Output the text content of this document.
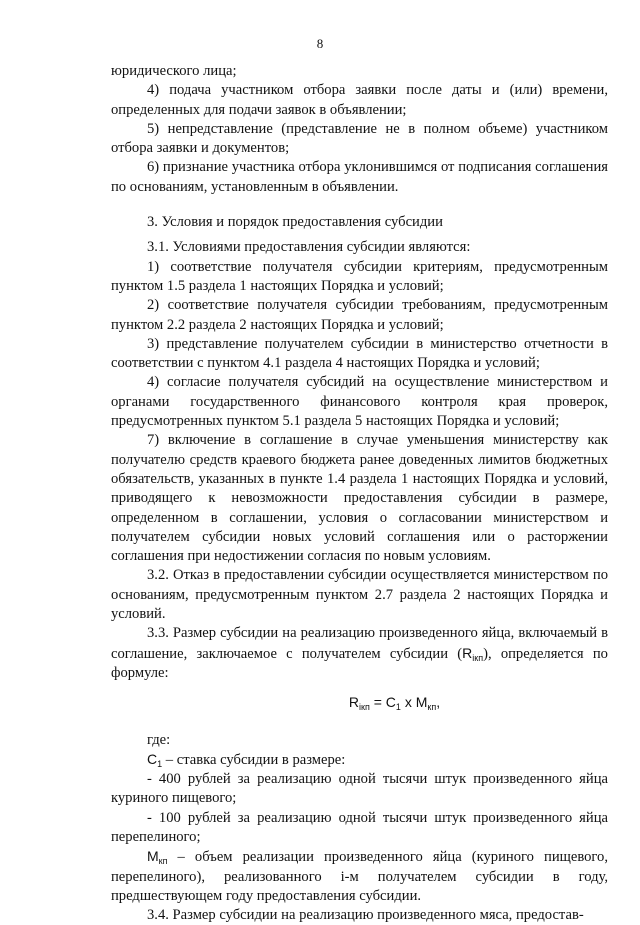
8

юридического лица;

4) подача участником отбора заявки после даты и (или) времени, определенных для подачи заявок в объявлении;

5) непредставление (представление не в полном объеме) участником отбора заявки и документов;

6) признание участника отбора уклонившимся от подписания соглашения по основаниям, установленным в объявлении.

3. Условия и порядок предоставления субсидии

3.1. Условиями предоставления субсидии являются:

1) соответствие получателя субсидии критериям, предусмотренным пунктом 1.5 раздела 1 настоящих Порядка и условий;

2) соответствие получателя субсидии требованиям, предусмотренным пунктом 2.2 раздела 2 настоящих Порядка и условий;

3) представление получателем субсидии в министерство отчетности в соответствии с пунктом 4.1 раздела 4 настоящих Порядка и условий;

4) согласие получателя субсидий на осуществление министерством и органами государственного финансового контроля края проверок, предусмотренных пунктом 5.1 раздела 5 настоящих Порядка и условий;

7) включение в соглашение в случае уменьшения министерству как получателю средств краевого бюджета ранее доведенных лимитов бюджетных обязательств, указанных в пункте 1.4 раздела 1 настоящих Порядка и условий, приводящего к невозможности предоставления субсидии в размере, определенном в соглашении, условия о согласовании министерством и получателем субсидии новых условий соглашения или о расторжении соглашения при недостижении согласия по новым условиям.

3.2. Отказ в предоставлении субсидии осуществляется министерством по основаниям, предусмотренным пунктом 2.7 раздела 2 настоящих Порядка и условий.

3.3. Размер субсидии на реализацию произведенного яйца, включаемый в соглашение, заключаемое с получателем субсидии $(R_{iкп})$, определяется по формуле:

$R_{iкп} = C_1$ х $M_{кп}$,

где:

$C_1$ – ставка субсидии в размере:

- 400 рублей за реализацию одной тысячи штук произведенного яйца куриного пищевого;

- 100 рублей за реализацию одной тысячи штук произведенного яйца перепелиного;

$M_{кп}$ – объем реализации произведенного яйца (куриного пищевого, перепелиного), реализованного i-м получателем субсидии в году, предшествующем году предоставления субсидии.

3.4. Размер субсидии на реализацию произведенного мяса, предостав-
